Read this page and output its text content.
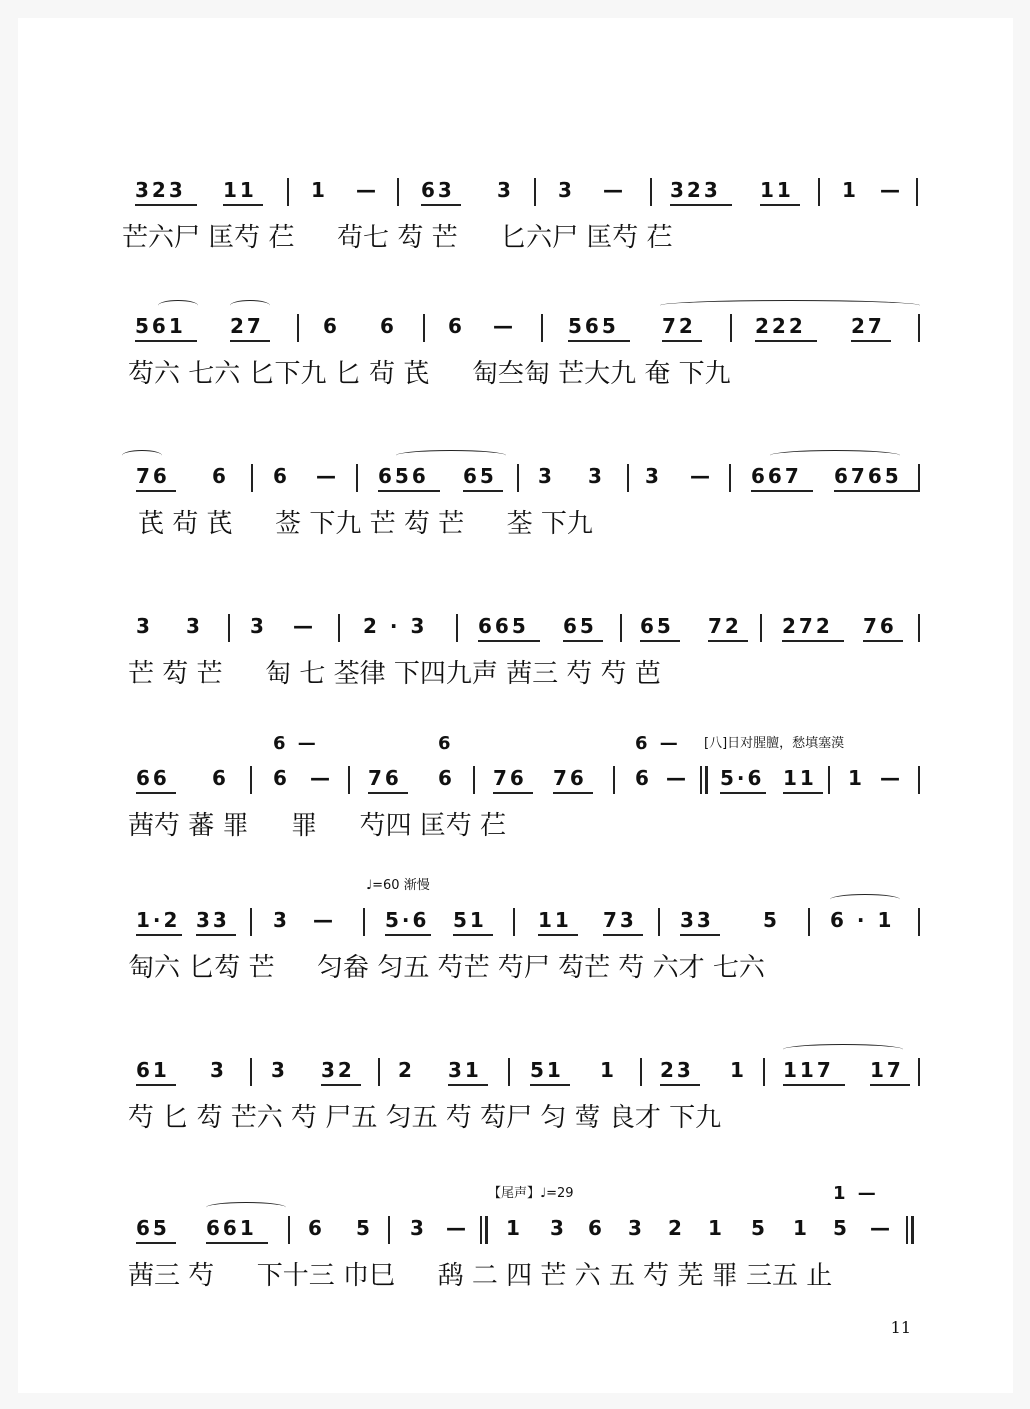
323 11	1 — 63 3 3 — 323 11 1 —
芒六尸 匡芍 芢 　 茍七 芶 芒 　 匕六尸 匡芍 芢
561 27	6 6	6 —	565 72	222 27
芶六 七六 匕下九 匕 茍 芪 　 匋夳匋 芒大九 奄 下九
76 6 6 — 656 65 3 3 3 — 667 6765
芪 茍 芪 　 莶 下九 芒 芶 芒 　 荃 下九
3 3 3 — 2 · 3	665 65 65 72 272 76
芒 芶 芒 　 匋 七 荃律 下四九声 茜三 芍 芍 芭
6 —	6	6 — [八]日对腥膻，愁填塞漠
66 6 6 — 76 6 76 76 6 — 5·6 11 1 —
茜芍 蕃 罪 　 罪 　 芍四 匡芍 芢
♩=60 渐慢
1·2 33 3 — 5·6 51	11 73 33 5	6 · 1
匋六 匕芶 芒 　 匀畚 匀五 芍芒 芍尸 芶芒 芍 六才 七六
61 3 3 32 2 31 51 1 23 1 117 17
芍 匕 芶 芒六 芍 尸五 匀五 芍 芶尸 匀 莺 良才 下九
【尾声】♩=29	1 —
65 661	6 5 3 — 1 3 6 3 2 1 5 1 5 —
茜三 芍 　 下十三 巾巳 　 鸹 二 四 芒 六 五 芍 芜 罪 三五 止
11
